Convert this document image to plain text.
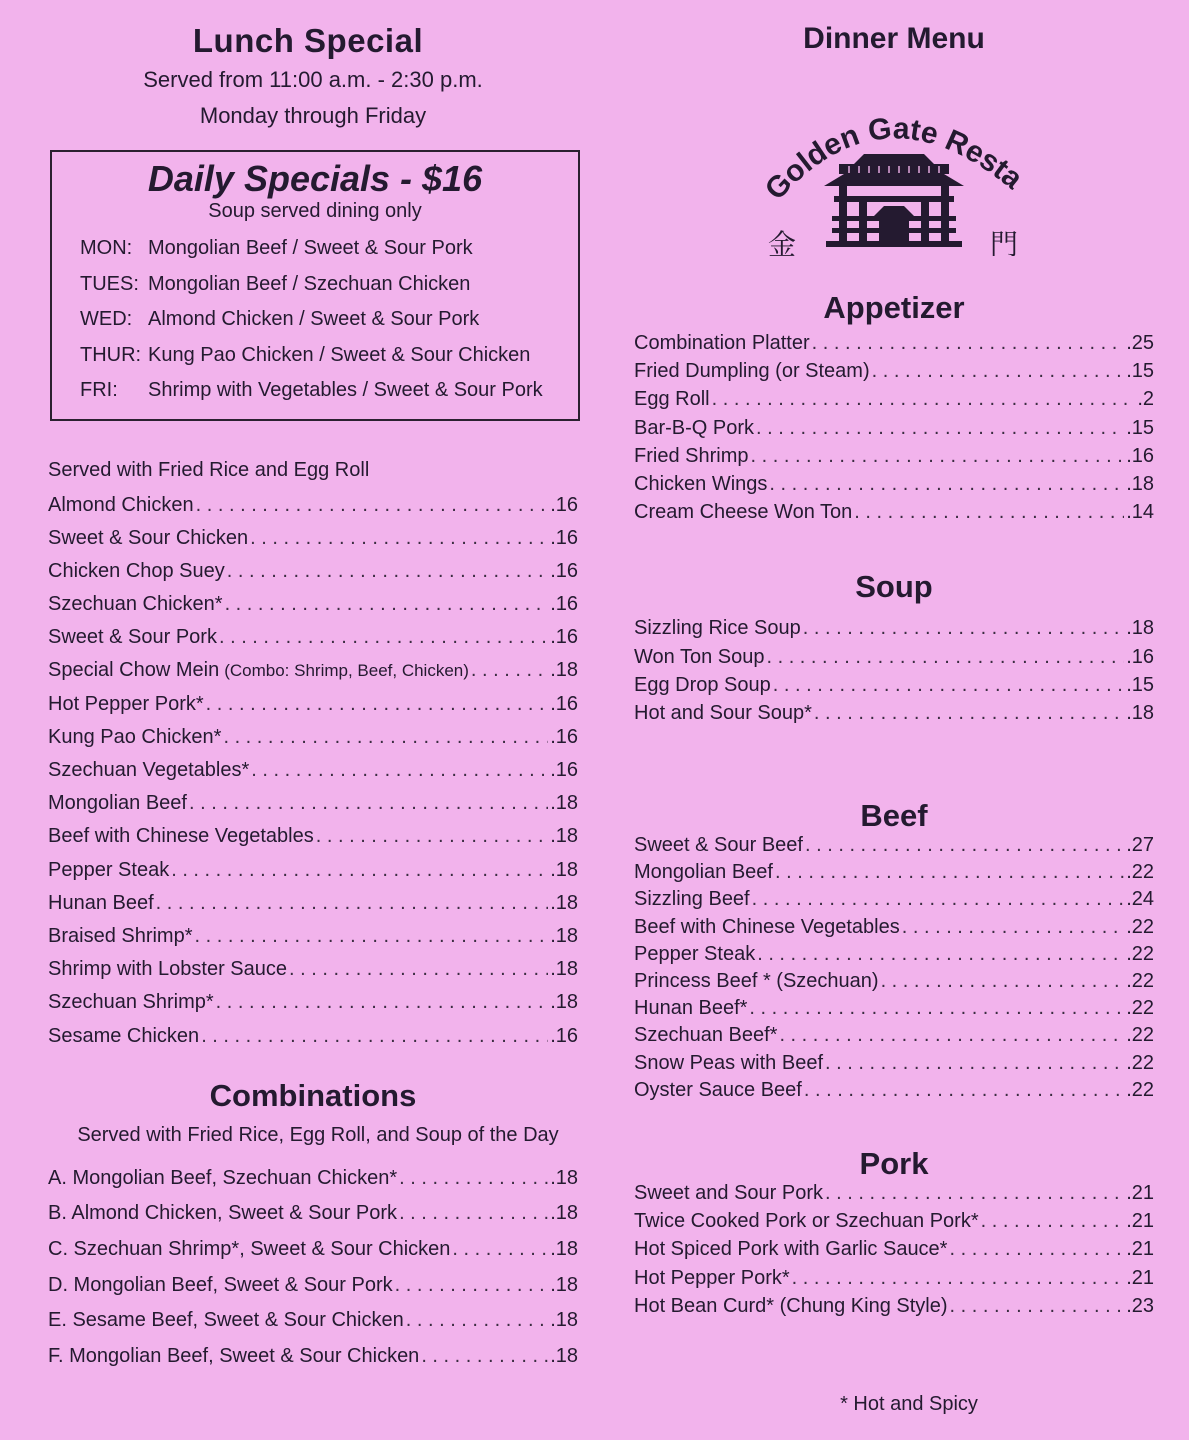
Lunch Special
Served from 11:00 a.m. - 2:30 p.m.
Monday through Friday
Daily Specials - $16
Soup served dining only
MON: Mongolian Beef / Sweet & Sour Pork
TUES: Mongolian Beef / Szechuan Chicken
WED: Almond Chicken / Sweet & Sour Pork
THUR: Kung Pao Chicken / Sweet & Sour Chicken
FRI: Shrimp with Vegetables / Sweet & Sour Pork
Served with Fried Rice and Egg Roll
Almond Chicken . . .	.16
Sweet & Sour Chicken . . .	.16
Chicken Chop Suey . . .	.16
Szechuan Chicken* . . .	.16
Sweet & Sour Pork . . .	.16
Special Chow Mein (Combo: Shrimp, Beef, Chicken) . . .	.18
Hot Pepper Pork* . . .	.16
Kung Pao Chicken* . . .	.16
Szechuan Vegetables* . . .	.16
Mongolian Beef . . .	.18
Beef with Chinese Vegetables . . .	.18
Pepper Steak . . .	.18
Hunan Beef . . .	.18
Braised Shrimp* . . .	.18
Shrimp with Lobster Sauce . . .	.18
Szechuan Shrimp* . . .	.18
Sesame Chicken . . .	.16
Combinations
Served with Fried Rice, Egg Roll, and Soup of the Day
A. Mongolian Beef, Szechuan Chicken* . . .	.18
B. Almond Chicken, Sweet & Sour Pork . . .	.18
C. Szechuan Shrimp*, Sweet & Sour Chicken . . .	.18
D. Mongolian Beef, Sweet & Sour Pork . . .	.18
E. Sesame Beef, Sweet & Sour Chicken . . .	.18
F. Mongolian Beef, Sweet & Sour Chicken . . .	.18
Dinner Menu
Golden Gate Resta
金	門
Appetizer
Combination Platter . . .	.25
Fried Dumpling (or Steam) . . .	.15
Egg Roll . . .	.2
Bar-B-Q Pork . . .	.15
Fried Shrimp . . .	.16
Chicken Wings . . .	.18
Cream Cheese Won Ton . . .	.14
Soup
Sizzling Rice Soup . . .	.18
Won Ton Soup . . .	.16
Egg Drop Soup . . .	.15
Hot and Sour Soup* . . .	.18
Beef
Sweet & Sour Beef . . .	.27
Mongolian Beef . . .	.22
Sizzling Beef . . .	.24
Beef with Chinese Vegetables . . .	.22
Pepper Steak . . .	.22
Princess Beef * (Szechuan) . . .	.22
Hunan Beef* . . .	.22
Szechuan Beef* . . .	.22
Snow Peas with Beef . . .	.22
Oyster Sauce Beef . . .	.22
Pork
Sweet and Sour Pork . . .	.21
Twice Cooked Pork or Szechuan Pork* . . .	.21
Hot Spiced Pork with Garlic Sauce* . . .	.21
Hot Pepper Pork* . . .	.21
Hot Bean Curd* (Chung King Style) . . .	.23
* Hot and Spicy
